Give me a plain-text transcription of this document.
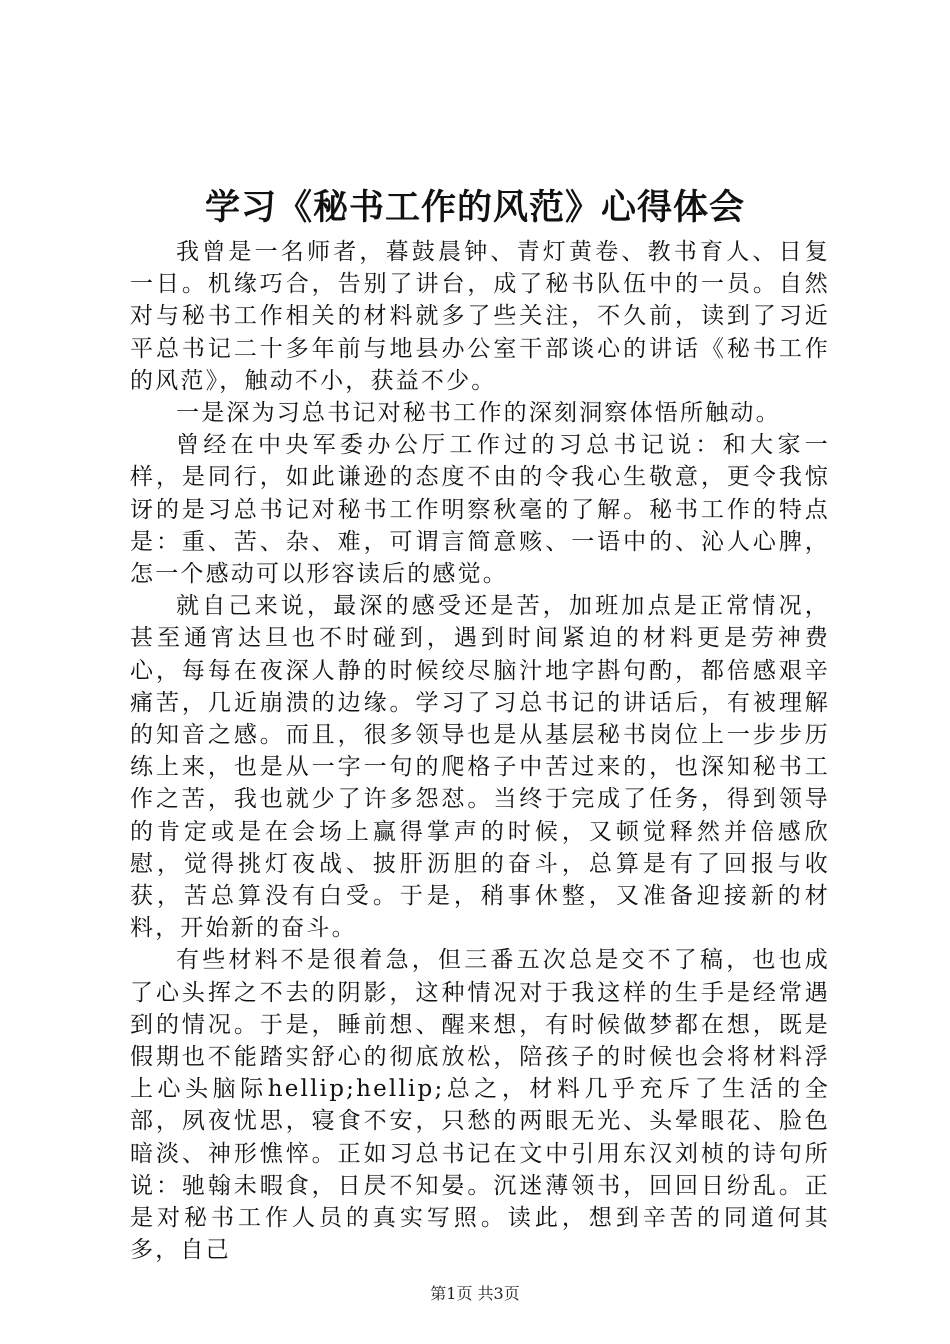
学习《秘书工作的风范》心得体会

我曾是一名师者，暮鼓晨钟、青灯黄卷、教书育人、日复一日。机缘巧合，告别了讲台，成了秘书队伍中的一员。自然对与秘书工作相关的材料就多了些关注，不久前，读到了习近平总书记二十多年前与地县办公室干部谈心的讲话《秘书工作的风范》，触动不小，获益不少。

一是深为习总书记对秘书工作的深刻洞察体悟所触动。

曾经在中央军委办公厅工作过的习总书记说：和大家一样，是同行，如此谦逊的态度不由的令我心生敬意，更令我惊讶的是习总书记对秘书工作明察秋毫的了解。秘书工作的特点是：重、苦、杂、难，可谓言简意赅、一语中的、沁人心脾，怎一个感动可以形容读后的感觉。

就自己来说，最深的感受还是苦，加班加点是正常情况，甚至通宵达旦也不时碰到，遇到时间紧迫的材料更是劳神费心，每每在夜深人静的时候绞尽脑汁地字斟句酌，都倍感艰辛痛苦，几近崩溃的边缘。学习了习总书记的讲话后，有被理解的知音之感。而且，很多领导也是从基层秘书岗位上一步步历练上来，也是从一字一句的爬格子中苦过来的，也深知秘书工作之苦，我也就少了许多怨怼。当终于完成了任务，得到领导的肯定或是在会场上赢得掌声的时候，又顿觉释然并倍感欣慰，觉得挑灯夜战、披肝沥胆的奋斗，总算是有了回报与收获，苦总算没有白受。于是，稍事休整，又准备迎接新的材料，开始新的奋斗。

有些材料不是很着急，但三番五次总是交不了稿，也也成了心头挥之不去的阴影，这种情况对于我这样的生手是经常遇到的情况。于是，睡前想、醒来想，有时候做梦都在想，既是假期也不能踏实舒心的彻底放松，陪孩子的时候也会将材料浮上心头脑际hellip;hellip;总之，材料几乎充斥了生活的全部，夙夜忧思，寝食不安，只愁的两眼无光、头晕眼花、脸色暗淡、神形憔悴。正如习总书记在文中引用东汉刘桢的诗句所说：驰翰未暇食，日昃不知晏。沉迷薄领书，回回日纷乱。正是对秘书工作人员的真实写照。读此，想到辛苦的同道何其多，自己

第1页 共3页
